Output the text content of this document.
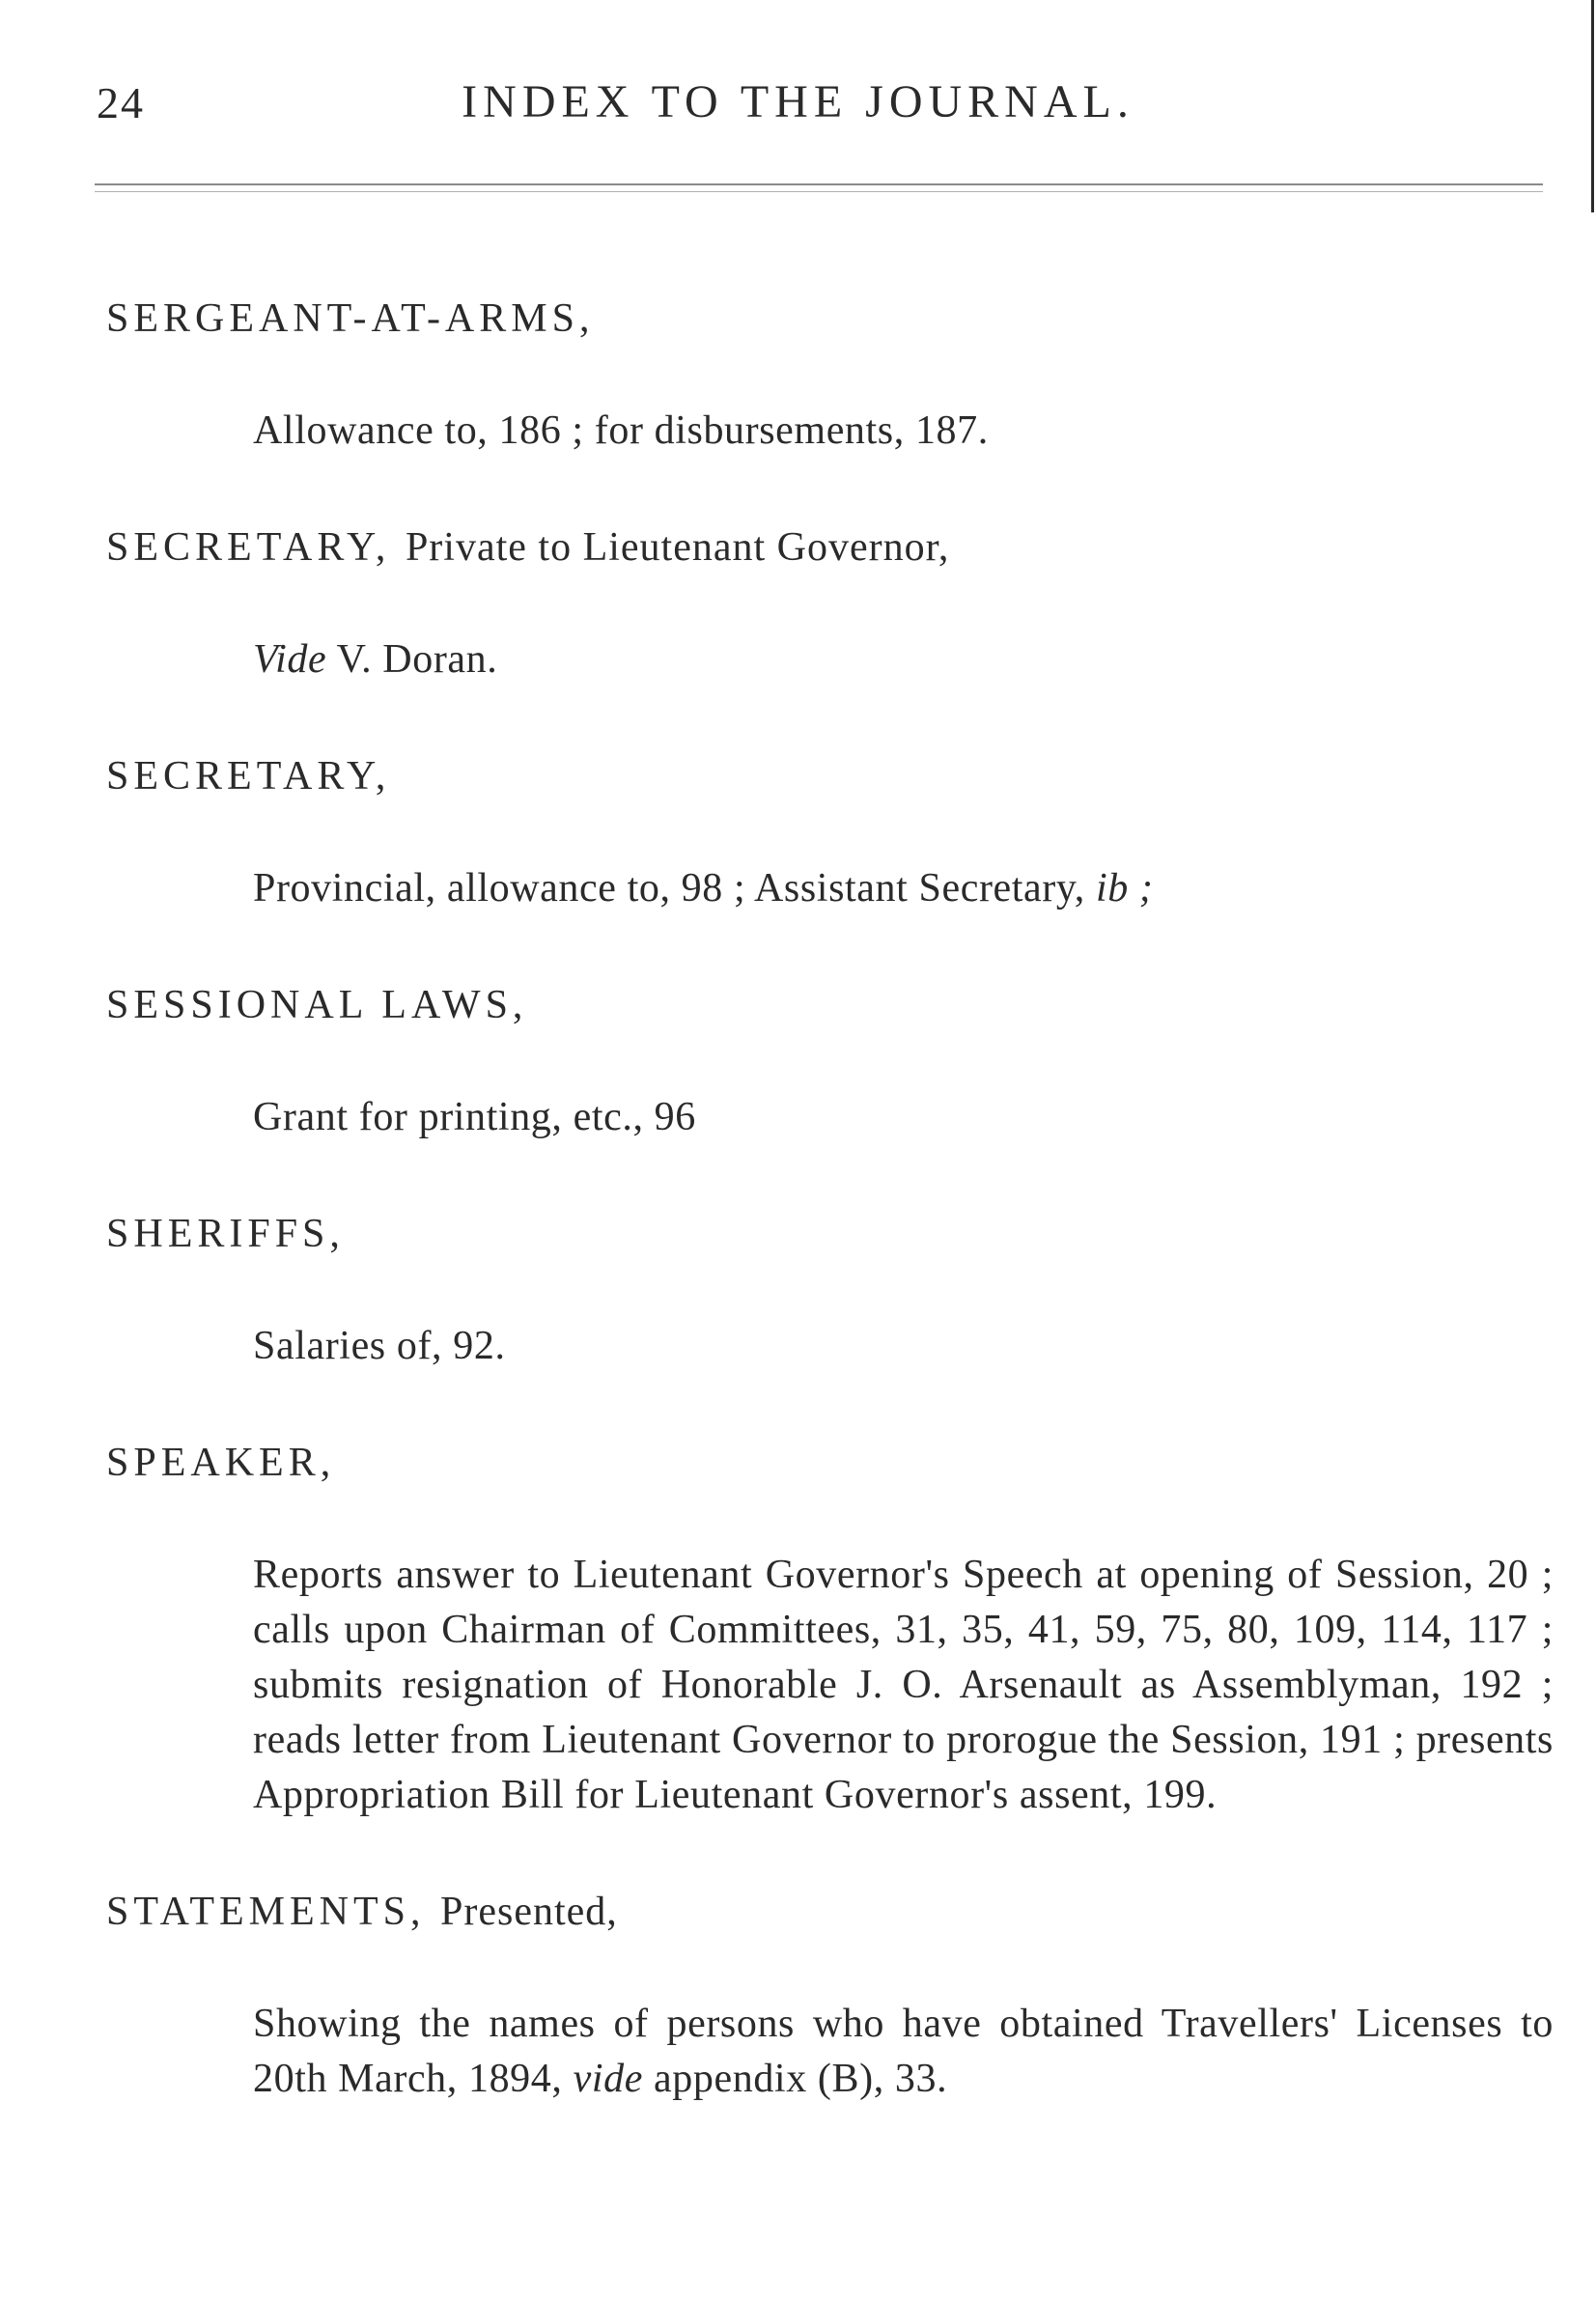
24	INDEX TO THE JOURNAL.
SERGEANT-AT-ARMS,
Allowance to, 186 ; for disbursements, 187.
SECRETARY, Private to Lieutenant Governor,
Vide V. Doran.
SECRETARY,
Provincial, allowance to, 98 ; Assistant Secretary, ib ;
SESSIONAL LAWS,
Grant for printing, etc., 96
SHERIFFS,
Salaries of, 92.
SPEAKER,
Reports answer to Lieutenant Governor's Speech at opening of Session, 20 ; calls upon Chairman of Committees, 31, 35, 41, 59, 75, 80, 109, 114, 117 ; submits resignation of Honorable J. O. Arsenault as Assemblyman, 192 ; reads letter from Lieutenant Governor to prorogue the Session, 191 ; presents Appropriation Bill for Lieutenant Governor's assent, 199.
STATEMENTS, Presented,
Showing the names of persons who have obtained Travellers' Licenses to 20th March, 1894, vide appendix (B), 33.
